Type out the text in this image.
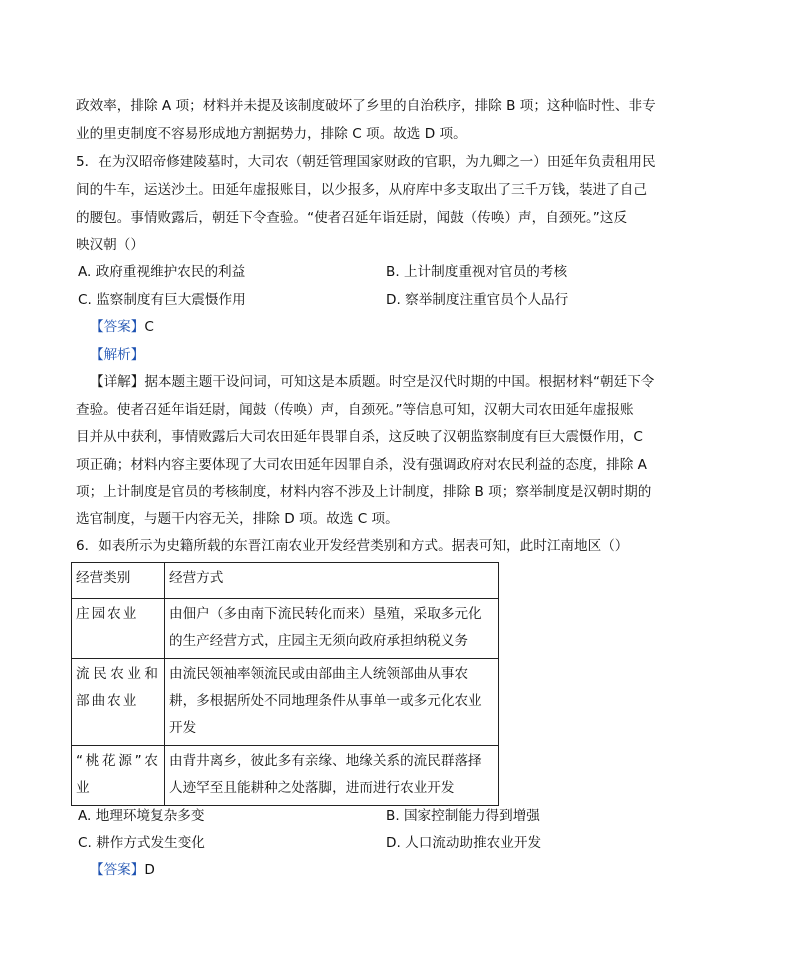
政效率，排除 A 项；材料并未提及该制度破坏了乡里的自治秩序，排除 B 项；这种临时性、非专
业的里吏制度不容易形成地方割据势力，排除 C 项。故选 D 项。
5．在为汉昭帝修建陵墓时，大司农（朝廷管理国家财政的官职，为九卿之一）田延年负责租用民
间的牛车，运送沙土。田延年虚报账目，以少报多，从府库中多支取出了三千万钱，装进了自己
的腰包。事情败露后，朝廷下令查验。“使者召延年诣廷尉，闻鼓（传唤）声，自颈死。”这反
映汉朝（）
A. 政府重视维护农民的利益	B. 上计制度重视对官员的考核
C. 监察制度有巨大震慑作用	D. 察举制度注重官员个人品行
【答案】C
【解析】
【详解】据本题主题干设问词，可知这是本质题。时空是汉代时期的中国。根据材料“朝廷下令
查验。使者召延年诣廷尉，闻鼓（传唤）声，自颈死。”等信息可知，汉朝大司农田延年虚报账
目并从中获利，事情败露后大司农田延年畏罪自杀，这反映了汉朝监察制度有巨大震慑作用，C
项正确；材料内容主要体现了大司农田延年因罪自杀，没有强调政府对农民利益的态度，排除 A
项；上计制度是官员的考核制度，材料内容不涉及上计制度，排除 B 项；察举制度是汉朝时期的
选官制度，与题干内容无关，排除 D 项。故选 C 项。
6．如表所示为史籍所载的东晋江南农业开发经营类别和方式。据表可知，此时江南地区（）
经营类别	经营方式
庄园农业	由佃户（多由南下流民转化而来）垦殖，采取多元化的生产经营方式，庄园主无须向政府承担纳税义务
流民农业和部曲农业	由流民领袖率领流民或由部曲主人统领部曲从事农耕，多根据所处不同地理条件从事单一或多元化农业开发
“桃花源”农业	由背井离乡，彼此多有亲缘、地缘关系的流民群落择人迹罕至且能耕种之处落脚，进而进行农业开发
A. 地理环境复杂多变	B. 国家控制能力得到增强
C. 耕作方式发生变化	D. 人口流动助推农业开发
【答案】D
